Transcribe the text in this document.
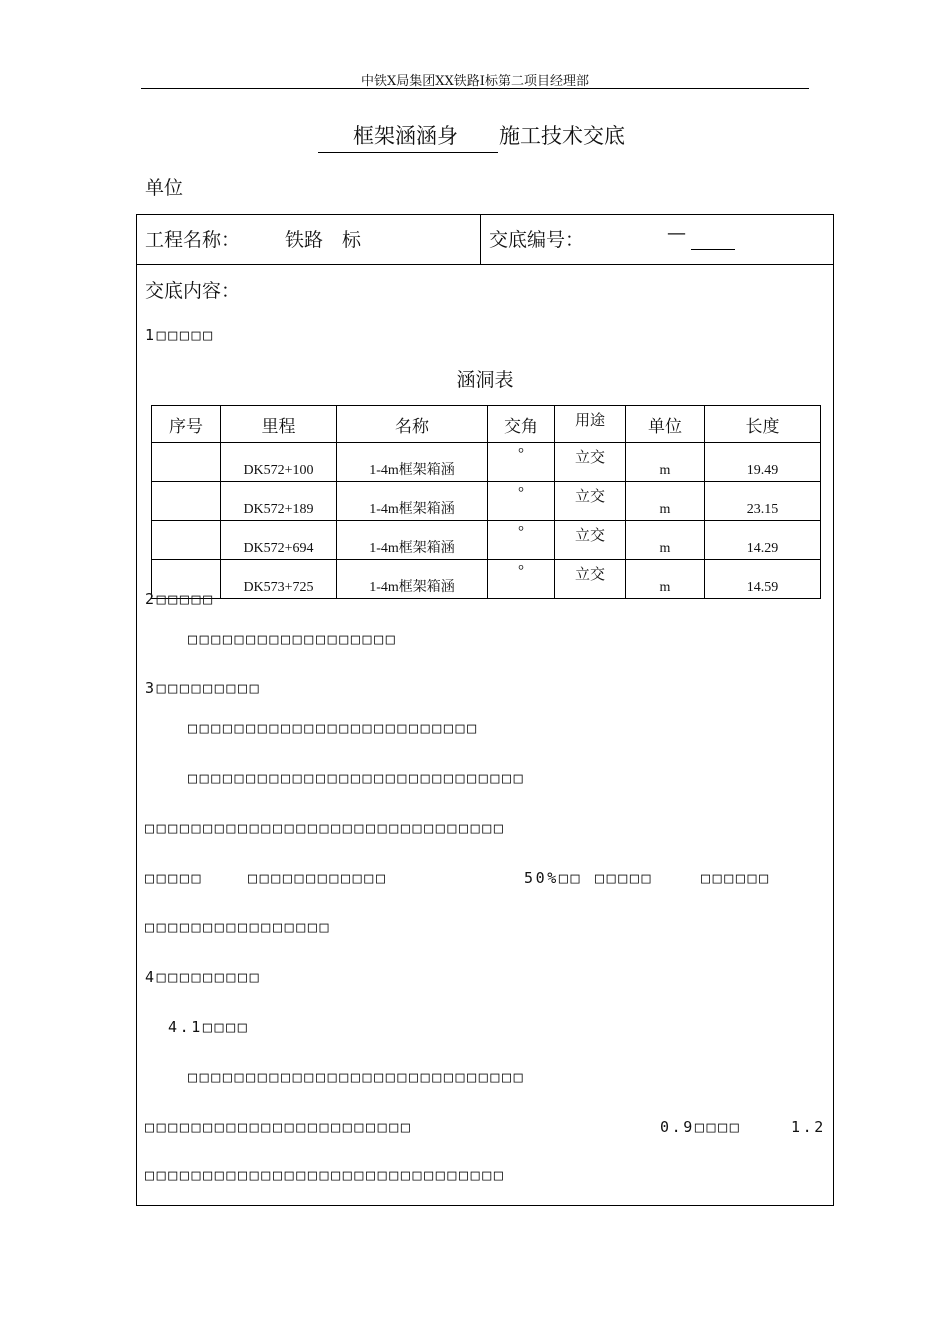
中铁X局集团XX铁路I标第二项目经理部
框架涵涵身 施工技术交底
单位
工程名称： 铁路　标	交底编号：	—
交底内容：
1□□□□□
涵洞表
序号	里程	名称	交角	用途	单位	长度
	DK572+100	1-4m框架箱涵	°	立交	m	19.49
	DK572+189	1-4m框架箱涵	°	立交	m	23.15
	DK572+694	1-4m框架箱涵	°	立交	m	14.29
	DK573+725	1-4m框架箱涵	°	立交	m	14.59
2□□□□□
□□□□□□□□□□□□□□□□□□
3□□□□□□□□□
□□□□□□□□□□□□□□□□□□□□□□□□□
□□□□□□□□□□□□□□□□□□□□□□□□□□□□□
□□□□□□□□□□□□□□□□□□□□□□□□□□□□□□□
□□□□□	□□□□□□□□□□□□	50%□□ □□□□□	□□□□□□
□□□□□□□□□□□□□□□□
4□□□□□□□□□
4.1□□□□
□□□□□□□□□□□□□□□□□□□□□□□□□□□□□
□□□□□□□□□□□□□□□□□□□□□□□	0.9□□□□	1.2
□□□□□□□□□□□□□□□□□□□□□□□□□□□□□□□
